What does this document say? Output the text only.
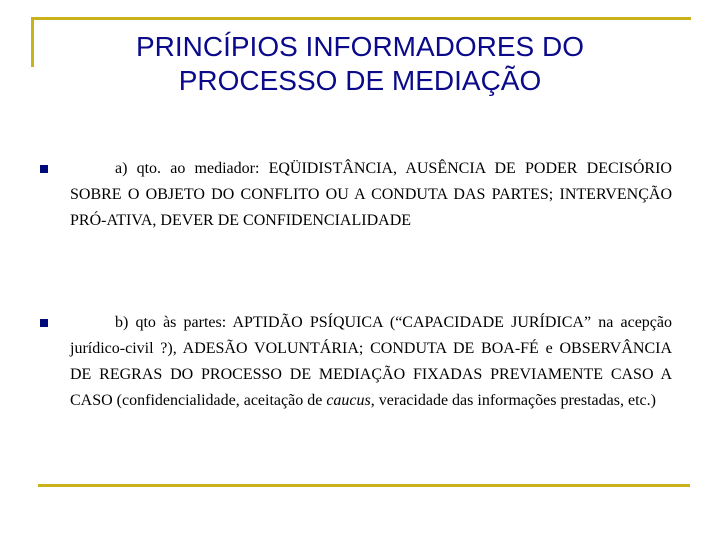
PRINCÍPIOS INFORMADORES DO
PROCESSO DE MEDIAÇÃO

a) qto. ao mediador: EQÜIDISTÂNCIA, AUSÊNCIA DE PODER DECISÓRIO SOBRE O OBJETO DO CONFLITO OU A CONDUTA DAS PARTES; INTERVENÇÃO PRÓ-ATIVA, DEVER DE CONFIDENCIALIDADE

b) qto às partes: APTIDÃO PSÍQUICA (“CAPACIDADE JURÍDICA” na acepção jurídico-civil ?), ADESÃO VOLUNTÁRIA; CONDUTA DE BOA-FÉ e OBSERVÂNCIA DE REGRAS DO PROCESSO DE MEDIAÇÃO FIXADAS PREVIAMENTE CASO A CASO (confidencialidade, aceitação de caucus, veracidade das informações prestadas, etc.)
